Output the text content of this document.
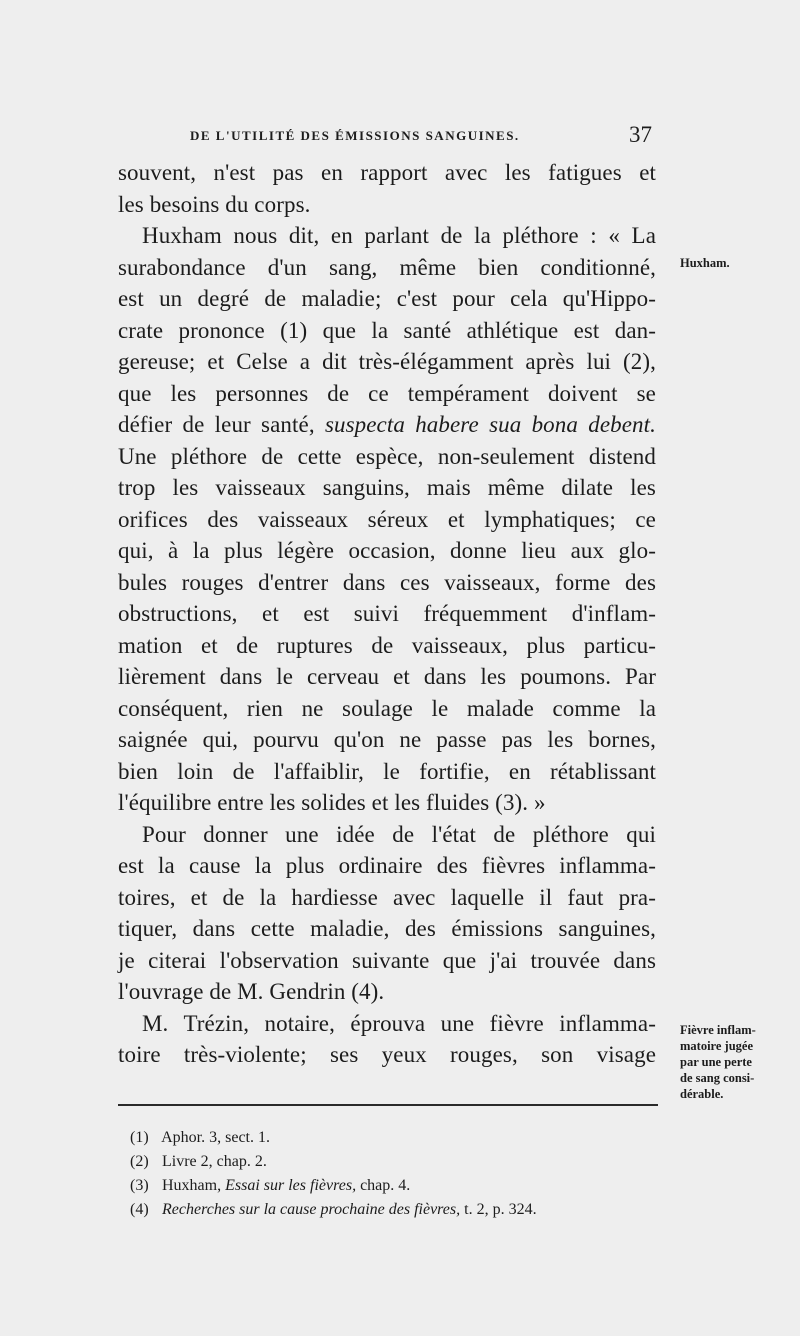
DE L'UTILITÉ DES ÉMISSIONS SANGUINES.	37
souvent, n'est pas en rapport avec les fatigues et
les besoins du corps.
Huxham nous dit, en parlant de la pléthore : « La
surabondance d'un sang, même bien conditionné,
est un degré de maladie; c'est pour cela qu'Hippo-
crate prononce (1) que la santé athlétique est dan-
gereuse; et Celse a dit très-élégamment après lui (2),
que les personnes de ce tempérament doivent se
défier de leur santé, suspecta habere sua bona debent.
Une pléthore de cette espèce, non-seulement distend
trop les vaisseaux sanguins, mais même dilate les
orifices des vaisseaux séreux et lymphatiques; ce
qui, à la plus légère occasion, donne lieu aux glo-
bules rouges d'entrer dans ces vaisseaux, forme des
obstructions, et est suivi fréquemment d'inflam-
mation et de ruptures de vaisseaux, plus particu-
lièrement dans le cerveau et dans les poumons. Par
conséquent, rien ne soulage le malade comme la
saignée qui, pourvu qu'on ne passe pas les bornes,
bien loin de l'affaiblir, le fortifie, en rétablissant
l'équilibre entre les solides et les fluides (3). »
Pour donner une idée de l'état de pléthore qui
est la cause la plus ordinaire des fièvres inflamma-
toires, et de la hardiesse avec laquelle il faut pra-
tiquer, dans cette maladie, des émissions sanguines,
je citerai l'observation suivante que j'ai trouvée dans
l'ouvrage de M. Gendrin (4).
M. Trézin, notaire, éprouva une fièvre inflamma-
toire très-violente; ses yeux rouges, son visage
Huxham.
Fièvre inflam-
matoire jugée
par une perte
de sang consi-
dérable.
(1) Aphor. 3, sect. 1.
(2) Livre 2, chap. 2.
(3) Huxham, Essai sur les fièvres, chap. 4.
(4) Recherches sur la cause prochaine des fièvres, t. 2, p. 324.
